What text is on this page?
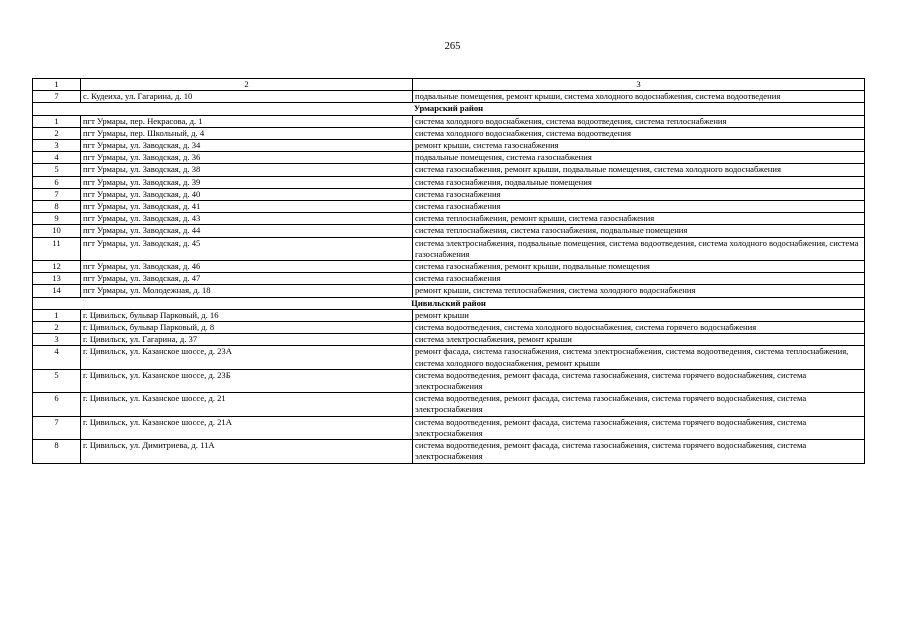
265
1	2	3
7	с. Кудеиха, ул. Гагарина, д. 10	подвальные помещения, ремонт крыши, система холодного водоснабжения, система водоотведения
Урмарский район		
1	пгт Урмары, пер. Некрасова, д. 1	система холодного водоснабжения, система водоотведения, система теплоснабжения
2	пгт Урмары, пер. Школьный, д. 4	система холодного водоснабжения, система водоотведения
3	пгт Урмары, ул. Заводская, д. 34	ремонт крыши, система газоснабжения
4	пгт Урмары, ул. Заводская, д. 36	подвальные помещения, система газоснабжения
5	пгт Урмары, ул. Заводская, д. 38	система газоснабжения, ремонт крыши, подвальные помещения, система холодного водоснабжения
6	пгт Урмары, ул. Заводская, д. 39	система газоснабжения, подвальные помещения
7	пгт Урмары, ул. Заводская, д. 40	система газоснабжения
8	пгт Урмары, ул. Заводская, д. 41	система газоснабжения
9	пгт Урмары, ул. Заводская, д. 43	система теплоснабжения, ремонт крыши, система газоснабжения
10	пгт Урмары, ул. Заводская, д. 44	система теплоснабжения, система газоснабжения, подвальные помещения
11	пгт Урмары, ул. Заводская, д. 45	система электроснабжения, подвальные помещения, система водоотведения, система холодного водоснабжения, система газоснабжения
12	пгт Урмары, ул. Заводская, д. 46	система газоснабжения, ремонт крыши, подвальные помещения
13	пгт Урмары, ул. Заводская, д. 47	система газоснабжения
14	пгт Урмары, ул. Молодежная, д. 18	ремонт крыши, система теплоснабжения, система холодного водоснабжения
Цивильский район		
1	г. Цивильск, бульвар Парковый, д. 16	ремонт крыши
2	г. Цивильск, бульвар Парковый, д. 8	система водоотведения, система холодного водоснабжения, система горячего водоснабжения
3	г. Цивильск, ул. Гагарина, д. 37	система электроснабжения, ремонт крыши
4	г. Цивильск, ул. Казанское шоссе, д. 23А	ремонт фасада, система газоснабжения, система электроснабжения, система водоотведения, система теплоснабжения, система холодного водоснабжения, ремонт крыши
5	г. Цивильск, ул. Казанское шоссе, д. 23Б	система водоотведения, ремонт фасада, система газоснабжения, система горячего водоснабжения, система электроснабжения
6	г. Цивильск, ул. Казанское шоссе, д. 21	система водоотведения, ремонт фасада, система газоснабжения, система горячего водоснабжения, система электроснабжения
7	г. Цивильск, ул. Казанское шоссе, д. 21А	система водоотведения, ремонт фасада, система газоснабжения, система горячего водоснабжения, система электроснабжения
8	г. Цивильск, ул. Димитриева, д. 11А	система водоотведения, ремонт фасада, система газоснабжения, система горячего водоснабжения, система электроснабжения
